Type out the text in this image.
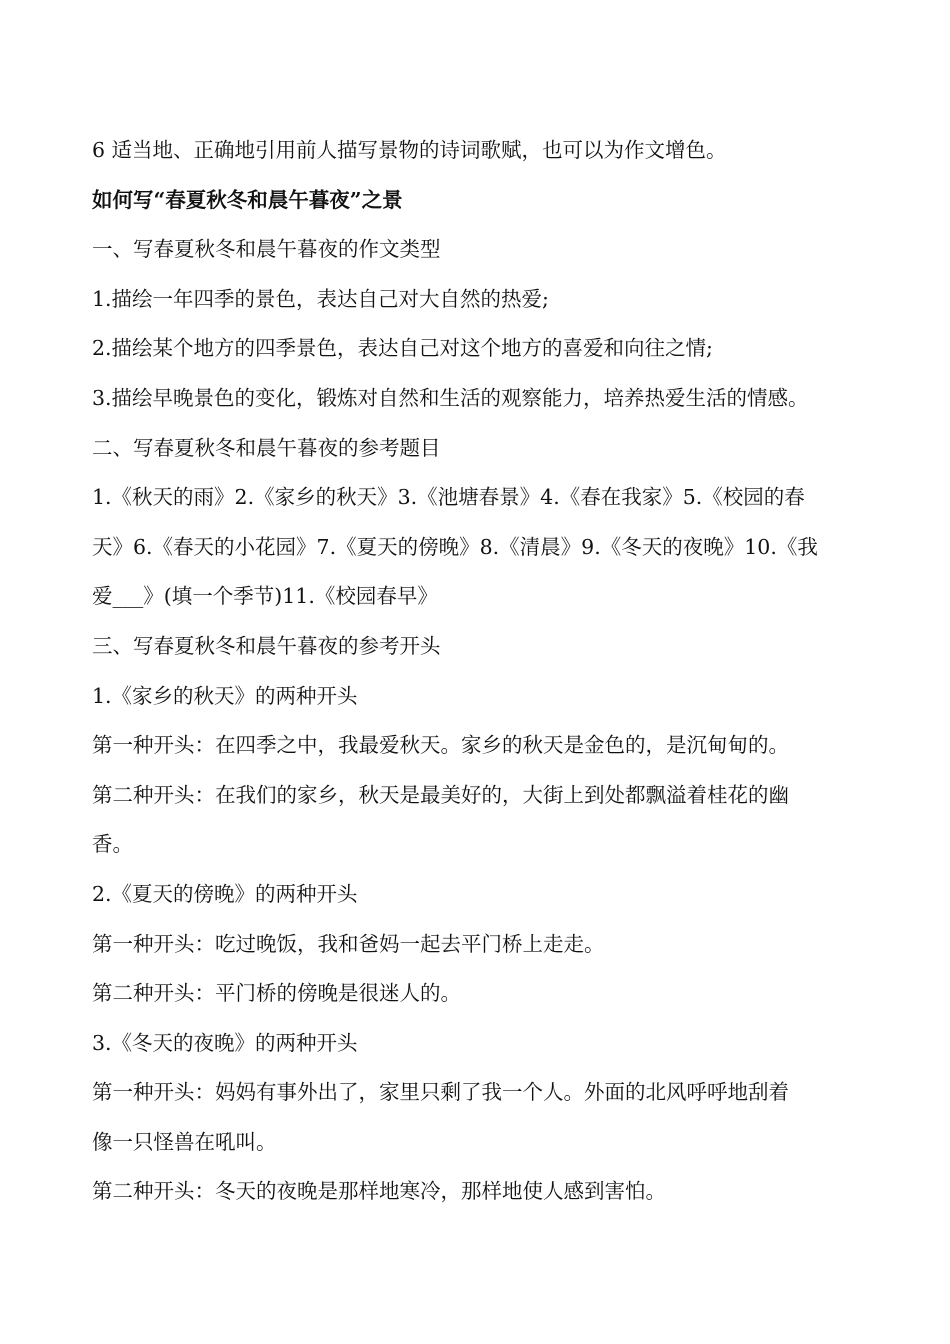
6 适当地、正确地引用前人描写景物的诗词歌赋，也可以为作文增色。

如何写“春夏秋冬和晨午暮夜”之景

一、写春夏秋冬和晨午暮夜的作文类型

1.描绘一年四季的景色，表达自己对大自然的热爱;

2.描绘某个地方的四季景色，表达自己对这个地方的喜爱和向往之情;

3.描绘早晚景色的变化，锻炼对自然和生活的观察能力，培养热爱生活的情感。

二、写春夏秋冬和晨午暮夜的参考题目

1.《秋天的雨》2.《家乡的秋天》3.《池塘春景》4.《春在我家》5.《校园的春

天》6.《春天的小花园》7.《夏天的傍晚》8.《清晨》9.《冬天的夜晚》10.《我

爱___》(填一个季节)11.《校园春早》

三、写春夏秋冬和晨午暮夜的参考开头

1.《家乡的秋天》的两种开头

第一种开头：在四季之中，我最爱秋天。家乡的秋天是金色的，是沉甸甸的。

第二种开头：在我们的家乡，秋天是最美好的，大街上到处都飘溢着桂花的幽

香。

2.《夏天的傍晚》的两种开头

第一种开头：吃过晚饭，我和爸妈一起去平门桥上走走。

第二种开头：平门桥的傍晚是很迷人的。

3.《冬天的夜晚》的两种开头

第一种开头：妈妈有事外出了，家里只剩了我一个人。外面的北风呼呼地刮着

像一只怪兽在吼叫。

第二种开头：冬天的夜晚是那样地寒冷，那样地使人感到害怕。
